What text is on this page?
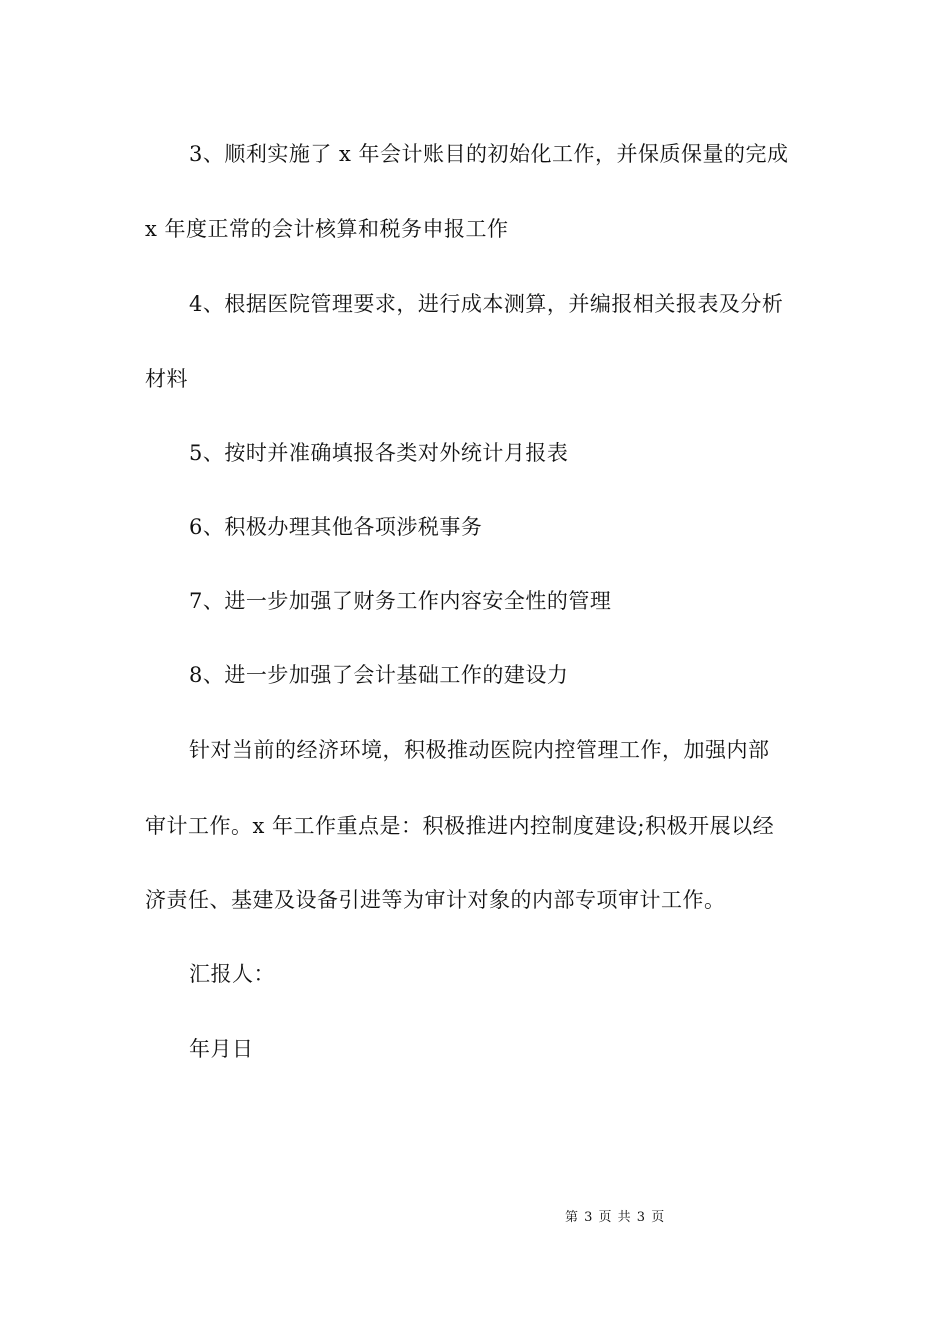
3、顺利实施了 x 年会计账目的初始化工作，并保质保量的完成
x 年度正常的会计核算和税务申报工作
4、根据医院管理要求，进行成本测算，并编报相关报表及分析
材料
5、按时并准确填报各类对外统计月报表
6、积极办理其他各项涉税事务
7、进一步加强了财务工作内容安全性的管理
8、进一步加强了会计基础工作的建设力
针对当前的经济环境，积极推动医院内控管理工作，加强内部
审计工作。x 年工作重点是：积极推进内控制度建设;积极开展以经
济责任、基建及设备引进等为审计对象的内部专项审计工作。
汇报人：
年月日
第 3 页 共 3 页
